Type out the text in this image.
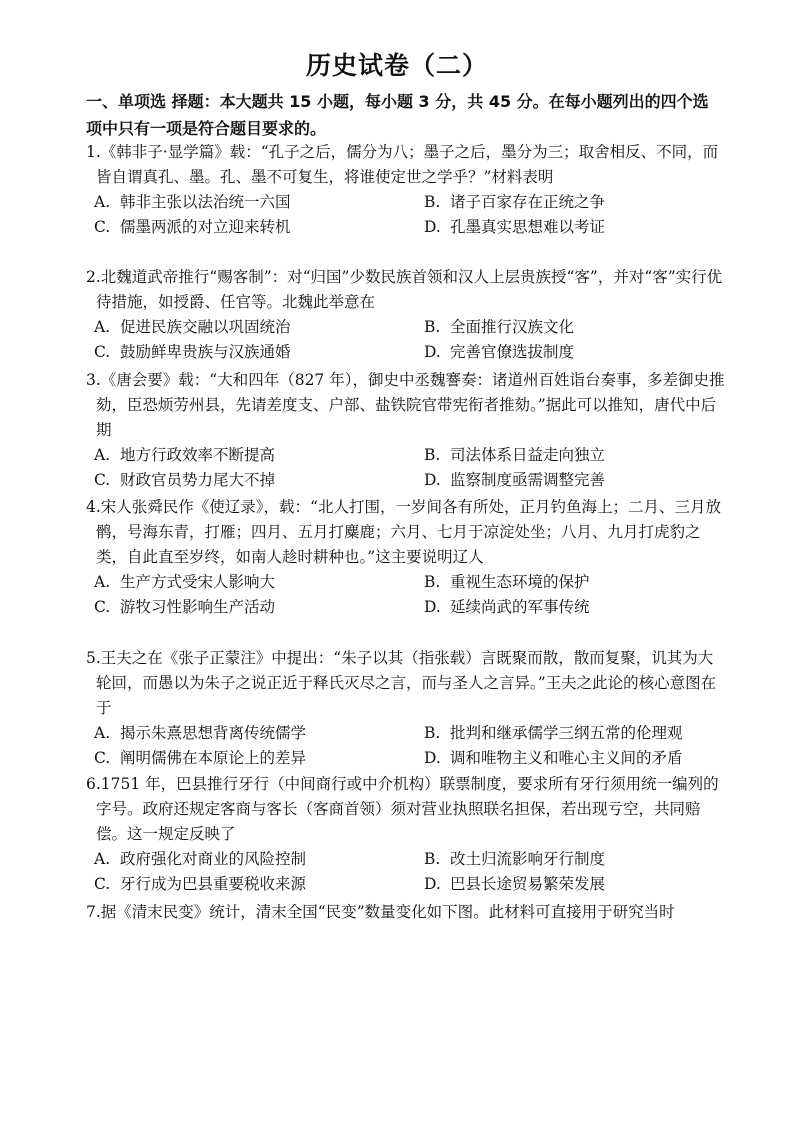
历史试卷（二）
一、单项选 择题：本大题共 15 小题，每小题 3 分，共 45 分。在每小题列出的四个选项中只有一项是符合题目要求的。

1.《韩非子·显学篇》载：“孔子之后，儒分为八；墨子之后，墨分为三；取舍相反、不同，而皆自谓真孔、墨。孔、墨不可复生，将谁使定世之学乎？”材料表明

A. 韩非主张以法治统一六国	B. 诸子百家存在正统之争
C. 儒墨两派的对立迎来转机	D. 孔墨真实思想难以考证

2.北魏道武帝推行“赐客制”：对“归国”少数民族首领和汉人上层贵族授“客”，并对“客”实行优待措施，如授爵、任官等。北魏此举意在

A. 促进民族交融以巩固统治	B. 全面推行汉族文化
C. 鼓励鲜卑贵族与汉族通婚	D. 完善官僚选拔制度

3.《唐会要》载：“大和四年（827 年），御史中丞魏謇奏：诸道州百姓诣台奏事，多差御史推劾，臣恐烦劳州县，先请差度支、户部、盐铁院官带宪衔者推劾。”据此可以推知，唐代中后期

A. 地方行政效率不断提高	B. 司法体系日益走向独立
C. 财政官员势力尾大不掉	D. 监察制度亟需调整完善

4.宋人张舜民作《使辽录》，载：“北人打围，一岁间各有所处，正月钓鱼海上；二月、三月放鹘，号海东青，打雁；四月、五月打麋鹿；六月、七月于凉淀处坐；八月、九月打虎豹之类，自此直至岁终，如南人趁时耕种也。”这主要说明辽人

A. 生产方式受宋人影响大	B. 重视生态环境的保护
C. 游牧习性影响生产活动	D. 延续尚武的军事传统

5.王夫之在《张子正蒙注》中提出：“朱子以其（指张载）言既聚而散，散而复聚，讥其为大轮回，而愚以为朱子之说正近于释氏灭尽之言，而与圣人之言异。”王夫之此论的核心意图在于

A. 揭示朱熹思想背离传统儒学	B. 批判和继承儒学三纲五常的伦理观
C. 阐明儒佛在本原论上的差异	D. 调和唯物主义和唯心主义间的矛盾

6.1751 年，巴县推行牙行（中间商行或中介机构）联票制度，要求所有牙行须用统一编列的字号。政府还规定客商与客长（客商首领）须对营业执照联名担保，若出现亏空，共同赔偿。这一规定反映了

A. 政府强化对商业的风险控制	B. 改土归流影响牙行制度
C. 牙行成为巴县重要税收来源	D. 巴县长途贸易繁荣发展

7.据《清末民变》统计，清末全国“民变”数量变化如下图。此材料可直接用于研究当时
